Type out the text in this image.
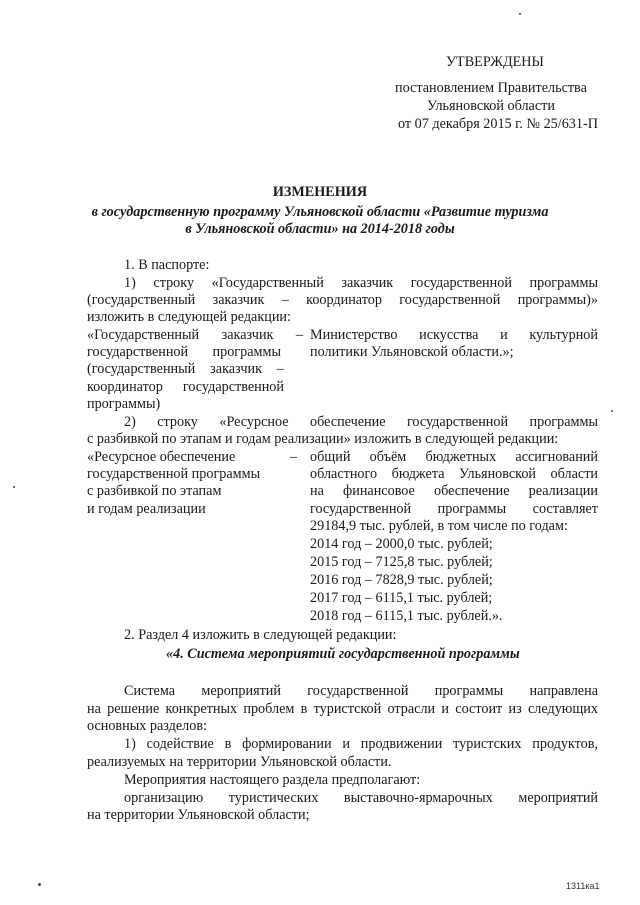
УТВЕРЖДЕНЫ
постановлением Правительства
Ульяновской области
от 07 декабря 2015 г. № 25/631-П
ИЗМЕНЕНИЯ
в государственную программу Ульяновской области «Развитие туризма
в Ульяновской области» на 2014-2018 годы
1. В паспорте:
1) строку «Государственный заказчик государственной программы
(государственный заказчик – координатор государственной программы)»
изложить в следующей редакции:
«Государственный заказчик –
государственной программы
(государственный заказчик –
координатор государственной
программы)
Министерство искусства и культурной
политики Ульяновской области.»;
2) строку «Ресурсное обеспечение государственной программы
с разбивкой по этапам и годам реализации» изложить в следующей редакции:
«Ресурсное обеспечение
государственной программы
с разбивкой по этапам
и годам реализации
– общий объём бюджетных ассигнований
областного бюджета Ульяновской области
на финансовое обеспечение реализации
государственной программы составляет
29184,9 тыс. рублей, в том числе по годам:
2014 год – 2000,0 тыс. рублей;
2015 год – 7125,8 тыс. рублей;
2016 год – 7828,9 тыс. рублей;
2017 год – 6115,1 тыс. рублей;
2018 год – 6115,1 тыс. рублей.».
2. Раздел 4 изложить в следующей редакции:
«4. Система мероприятий государственной программы
Система мероприятий государственной программы направлена
на решение конкретных проблем в туристской отрасли и состоит из следующих
основных разделов:
1) содействие в формировании и продвижении туристских продуктов,
реализуемых на территории Ульяновской области.
Мероприятия настоящего раздела предполагают:
организацию туристических выставочно-ярмарочных мероприятий
на территории Ульяновской области;
1311ка1
